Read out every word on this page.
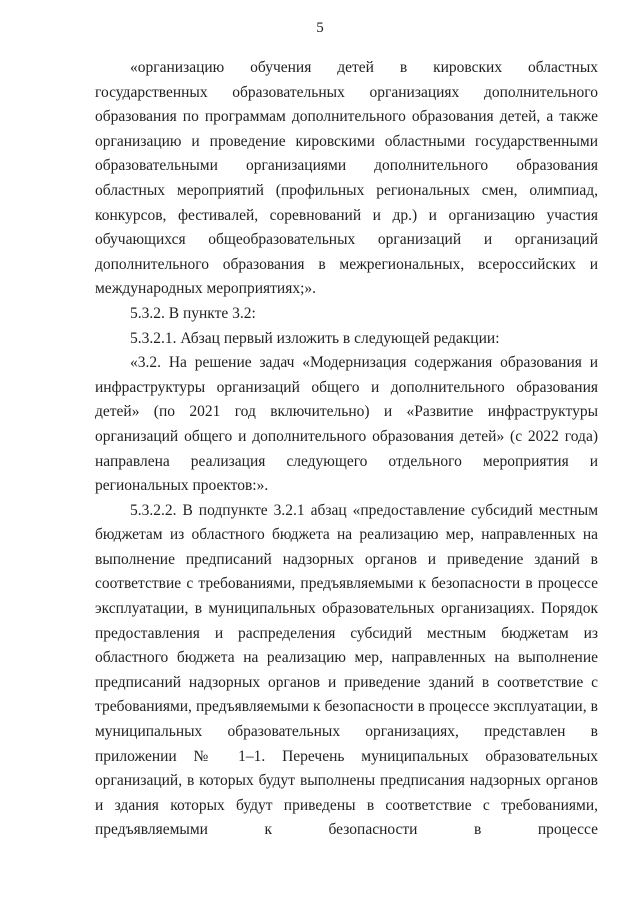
5

«организацию обучения детей в кировских областных государственных образовательных организациях дополнительного образования по программам дополнительного образования детей, а также организацию и проведение кировскими областными государственными образовательными организациями дополнительного образования областных мероприятий (профильных региональных смен, олимпиад, конкурсов, фестивалей, соревнований и др.) и организацию участия обучающихся общеобразовательных организаций и организаций дополнительного образования в межрегиональных, всероссийских и международных мероприятиях;».

5.3.2. В пункте 3.2:

5.3.2.1. Абзац первый изложить в следующей редакции:

«3.2. На решение задач «Модернизация содержания образования и инфраструктуры организаций общего и дополнительного образования детей» (по 2021 год включительно) и «Развитие инфраструктуры организаций общего и дополнительного образования детей» (с 2022 года) направлена реализация следующего отдельного мероприятия и региональных проектов:».

5.3.2.2. В подпункте 3.2.1 абзац «предоставление субсидий местным бюджетам из областного бюджета на реализацию мер, направленных на выполнение предписаний надзорных органов и приведение зданий в соответствие с требованиями, предъявляемыми к безопасности в процессе эксплуатации, в муниципальных образовательных организациях. Порядок предоставления и распределения субсидий местным бюджетам из областного бюджета на реализацию мер, направленных на выполнение предписаний надзорных органов и приведение зданий в соответствие с требованиями, предъявляемыми к безопасности в процессе эксплуатации, в муниципальных образовательных организациях, представлен в приложении № 1–1. Перечень муниципальных образовательных организаций, в которых будут выполнены предписания надзорных органов и здания которых будут приведены в соответствие с требованиями, предъявляемыми к безопасности в процессе
